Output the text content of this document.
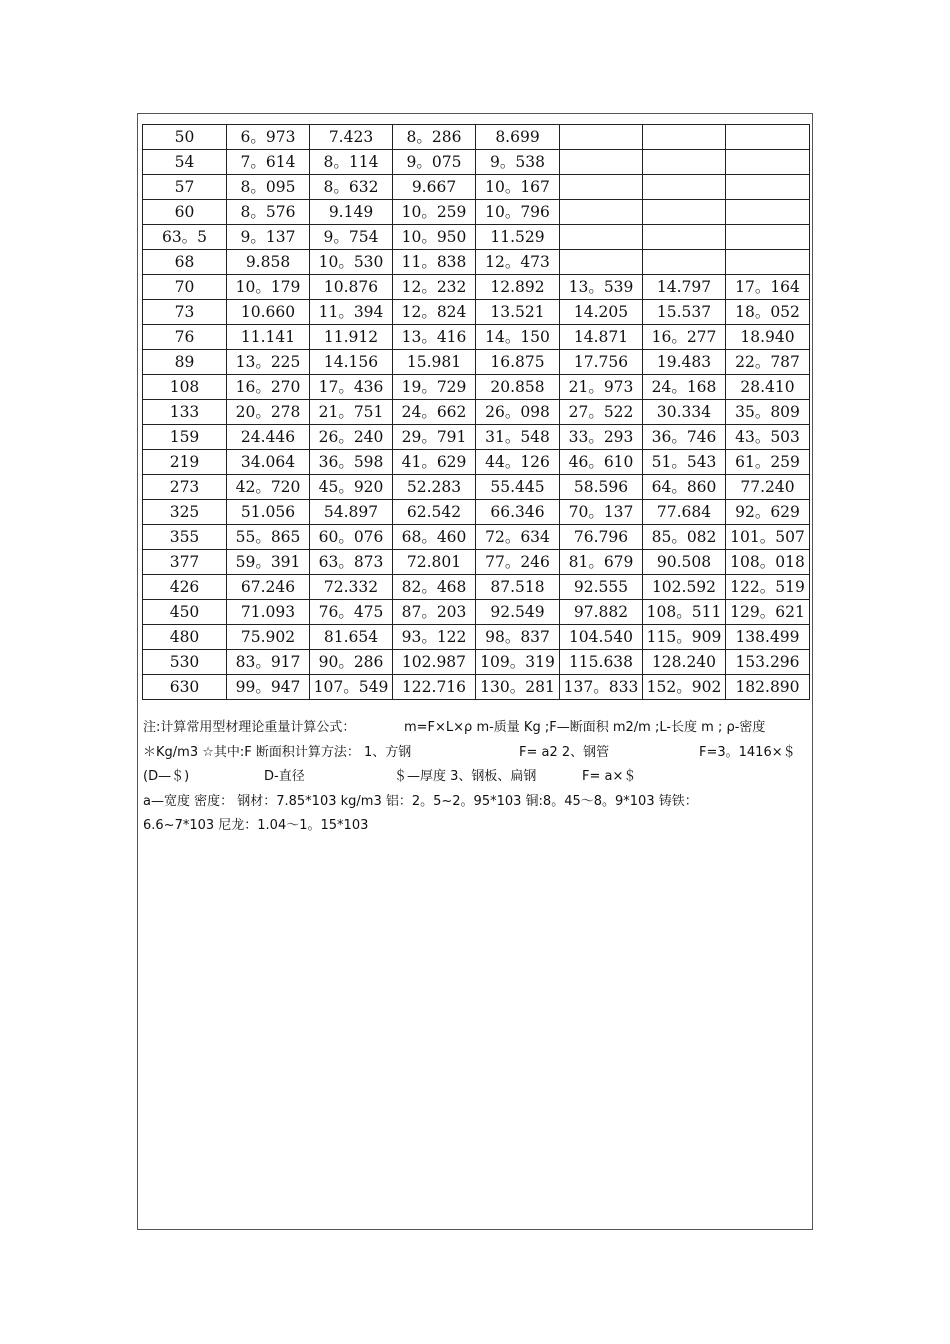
50	6。973	7.423	8。286	8.699			
54	7。614	8。114	9。075	9。538			
57	8。095	8。632	9.667	10。167			
60	8。576	9.149	10。259	10。796			
63。5	9。137	9。754	10。950	11.529			
68	9.858	10。530	11。838	12。473			
70	10。179	10.876	12。232	12.892	13。539	14.797	17。164
73	10.660	11。394	12。824	13.521	14.205	15.537	18。052
76	11.141	11.912	13。416	14。150	14.871	16。277	18.940
89	13。225	14.156	15.981	16.875	17.756	19.483	22。787
108	16。270	17。436	19。729	20.858	21。973	24。168	28.410
133	20。278	21。751	24。662	26。098	27。522	30.334	35。809
159	24.446	26。240	29。791	31。548	33。293	36。746	43。503
219	34.064	36。598	41。629	44。126	46。610	51。543	61。259
273	42。720	45。920	52.283	55.445	58.596	64。860	77.240
325	51.056	54.897	62.542	66.346	70。137	77.684	92。629
355	55。865	60。076	68。460	72。634	76.796	85。082	101。507
377	59。391	63。873	72.801	77。246	81。679	90.508	108。018
426	67.246	72.332	82。468	87.518	92.555	102.592	122。519
450	71.093	76。475	87。203	92.549	97.882	108。511	129。621
480	75.902	81.654	93。122	98。837	104.540	115。909	138.499
530	83。917	90。286	102.987	109。319	115.638	128.240	153.296
630	99。947	107。549	122.716	130。281	137。833	152。902	182.890
注:计算常用型材理论重量计算公式：	m=F×L×ρ m-质量 Kg ;F—断面积 m2/m ;L-长度 m ; ρ-密度
＊Kg/m3 ☆其中:F 断面积计算方法： 1、方钢	F= a2 2、钢管	F=3。1416×＄
(D—＄)	D-直径	＄—厚度 3、钢板、扁钢	F= a×＄
a—宽度 密度： 钢材：7.85*103 kg/m3 铝：2。5~2。95*103 铜:8。45～8。9*103 铸铁：
6.6~7*103 尼龙：1.04～1。15*103
